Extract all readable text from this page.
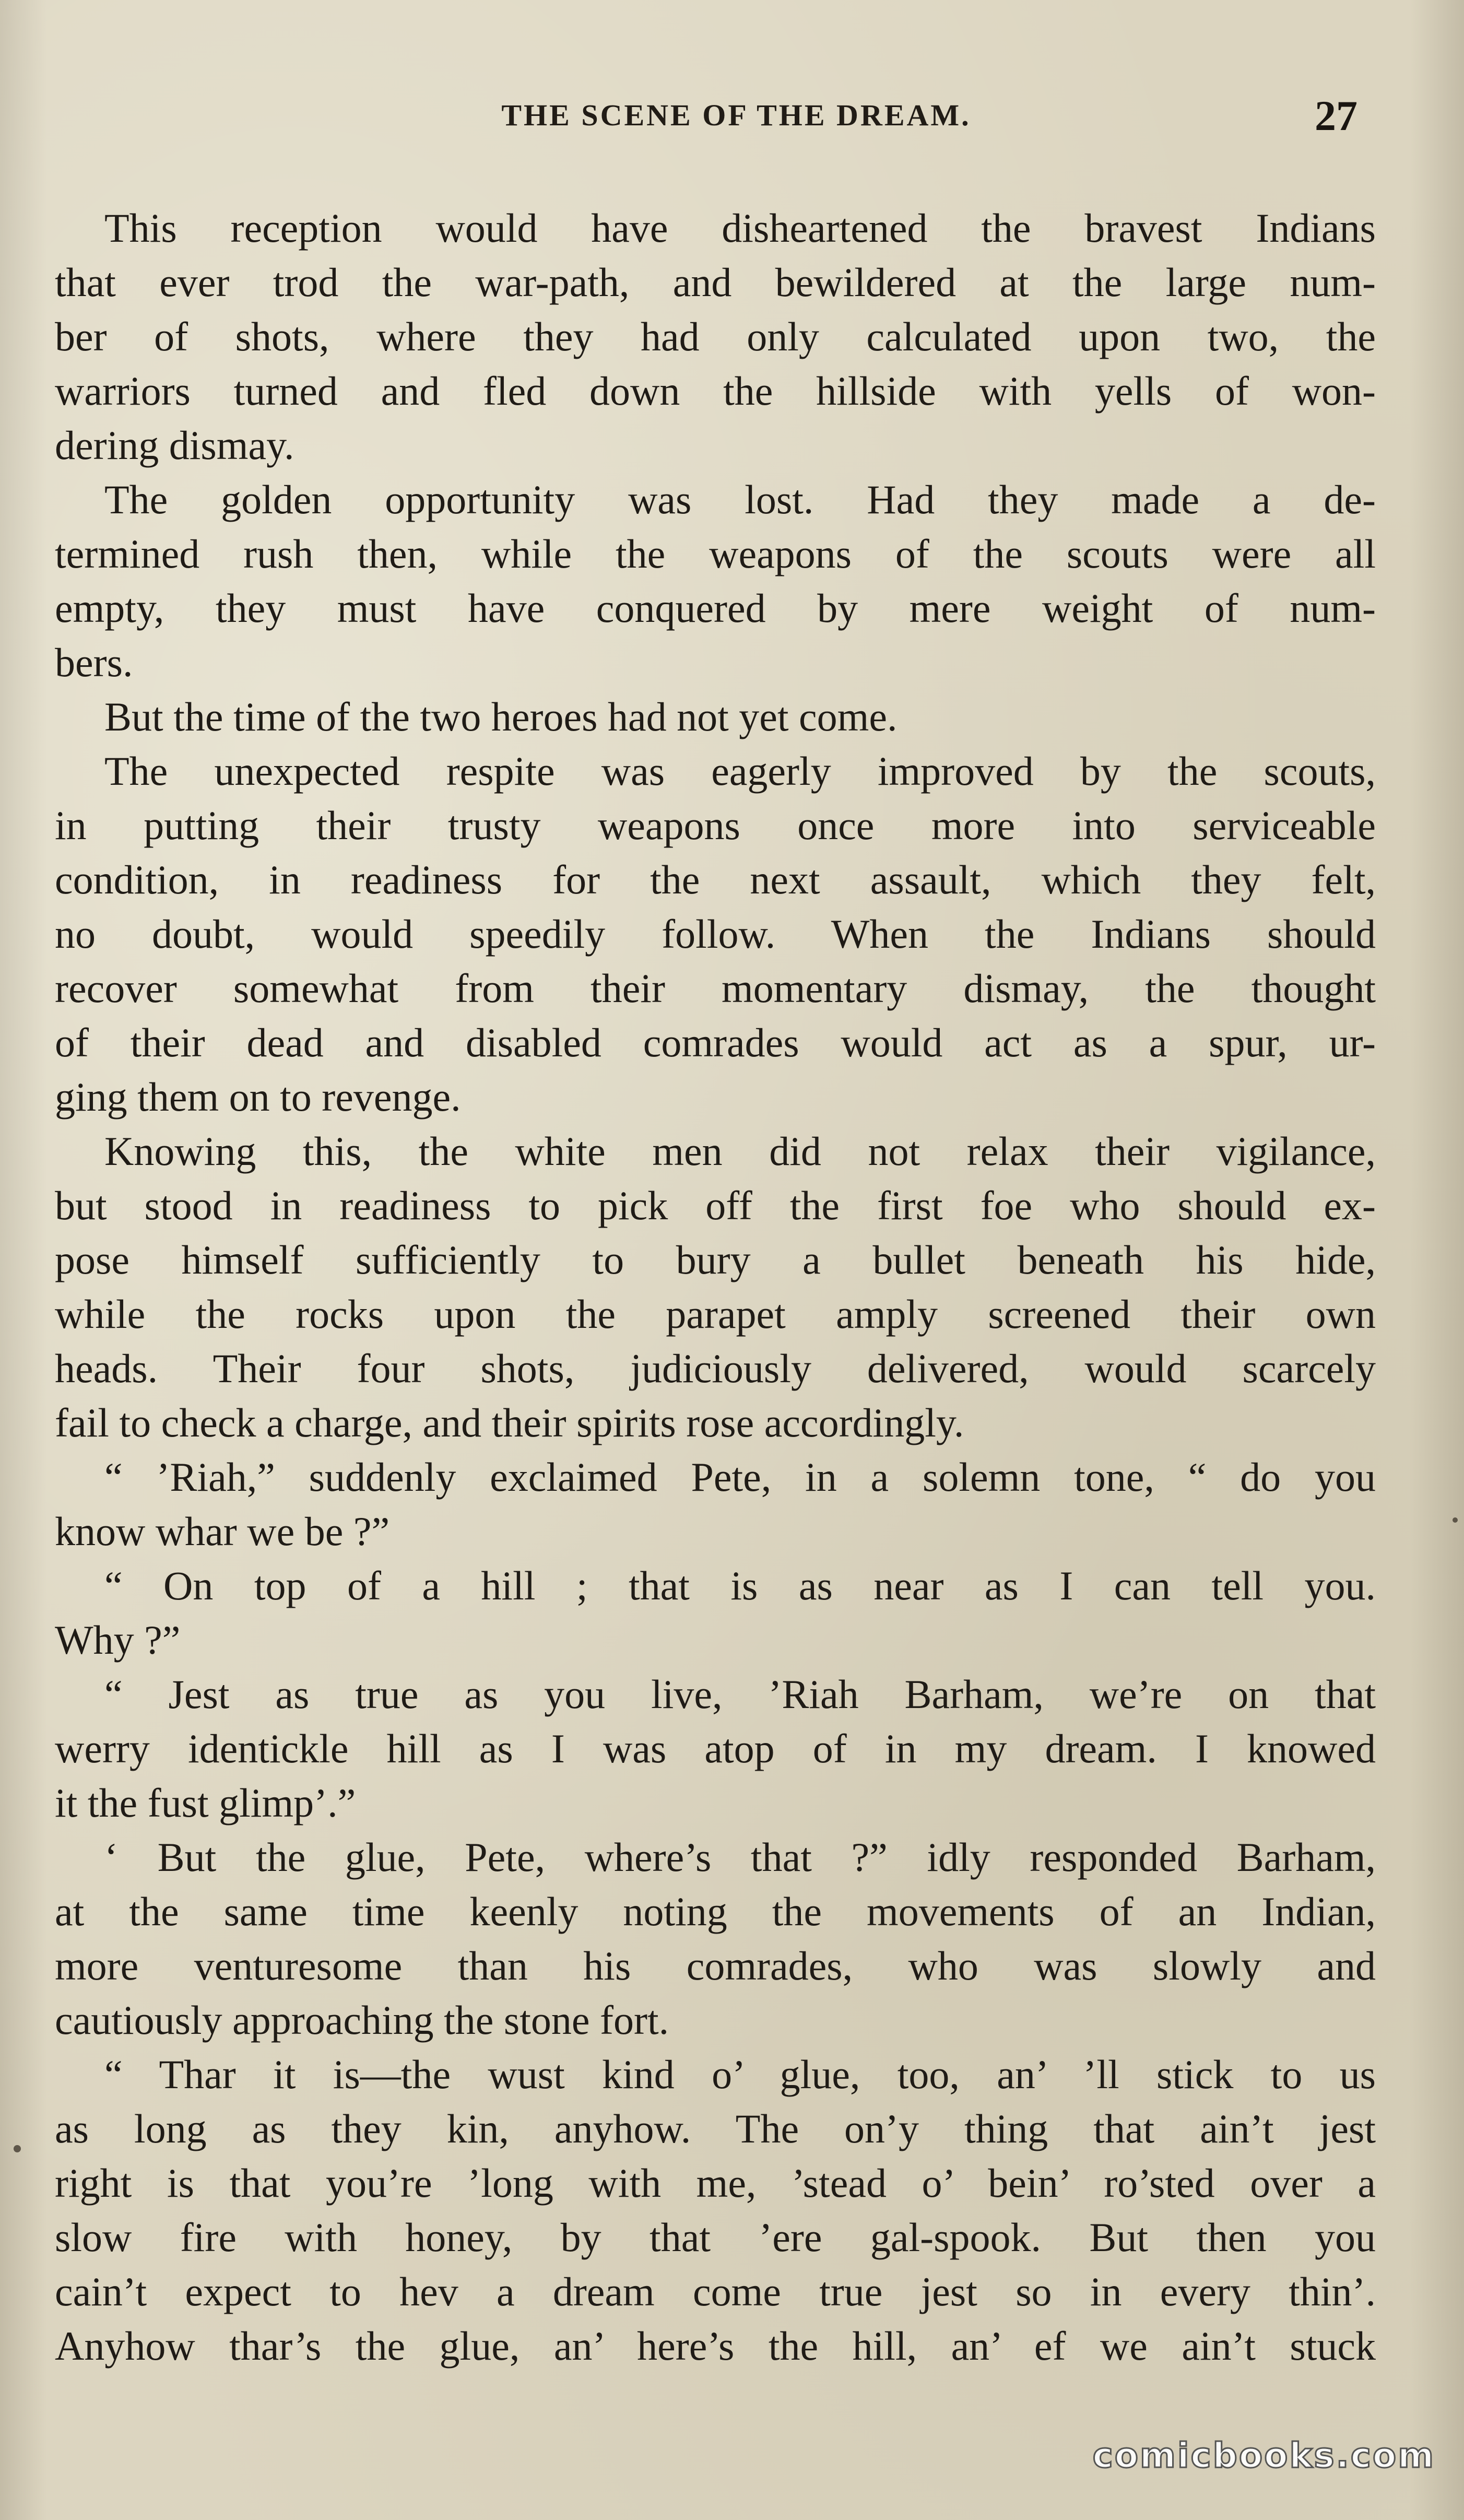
THE SCENE OF THE DREAM.	27
This reception would have disheartened the bravest Indians
that ever trod the war-path, and bewildered at the large num-
ber of shots, where they had only calculated upon two, the
warriors turned and fled down the hillside with yells of won-
dering dismay.
The golden opportunity was lost. Had they made a de-
termined rush then, while the weapons of the scouts were all
empty, they must have conquered by mere weight of num-
bers.
But the time of the two heroes had not yet come.
The unexpected respite was eagerly improved by the scouts,
in putting their trusty weapons once more into serviceable
condition, in readiness for the next assault, which they felt,
no doubt, would speedily follow. When the Indians should
recover somewhat from their momentary dismay, the thought
of their dead and disabled comrades would act as a spur, ur-
ging them on to revenge.
Knowing this, the white men did not relax their vigilance,
but stood in readiness to pick off the first foe who should ex-
pose himself sufficiently to bury a bullet beneath his hide,
while the rocks upon the parapet amply screened their own
heads. Their four shots, judiciously delivered, would scarcely
fail to check a charge, and their spirits rose accordingly.
“ ’Riah,” suddenly exclaimed Pete, in a solemn tone, “ do you
know whar we be ?”
“ On top of a hill ; that is as near as I can tell you.
Why ?”
“ Jest as true as you live, ’Riah Barham, we’re on that
werry identickle hill as I was atop of in my dream. I knowed
it the fust glimp’.”
‘ But the glue, Pete, where’s that ?” idly responded Barham,
at the same time keenly noting the movements of an Indian,
more venturesome than his comrades, who was slowly and
cautiously approaching the stone fort.
“ Thar it is—the wust kind o’ glue, too, an’ ’ll stick to us
as long as they kin, anyhow. The on’y thing that ain’t jest
right is that you’re ’long with me, ’stead o’ bein’ ro’sted over a
slow fire with honey, by that ’ere gal-spook. But then you
cain’t expect to hev a dream come true jest so in every thin’.
Anyhow thar’s the glue, an’ here’s the hill, an’ ef we ain’t stuck
comicbooks.com
